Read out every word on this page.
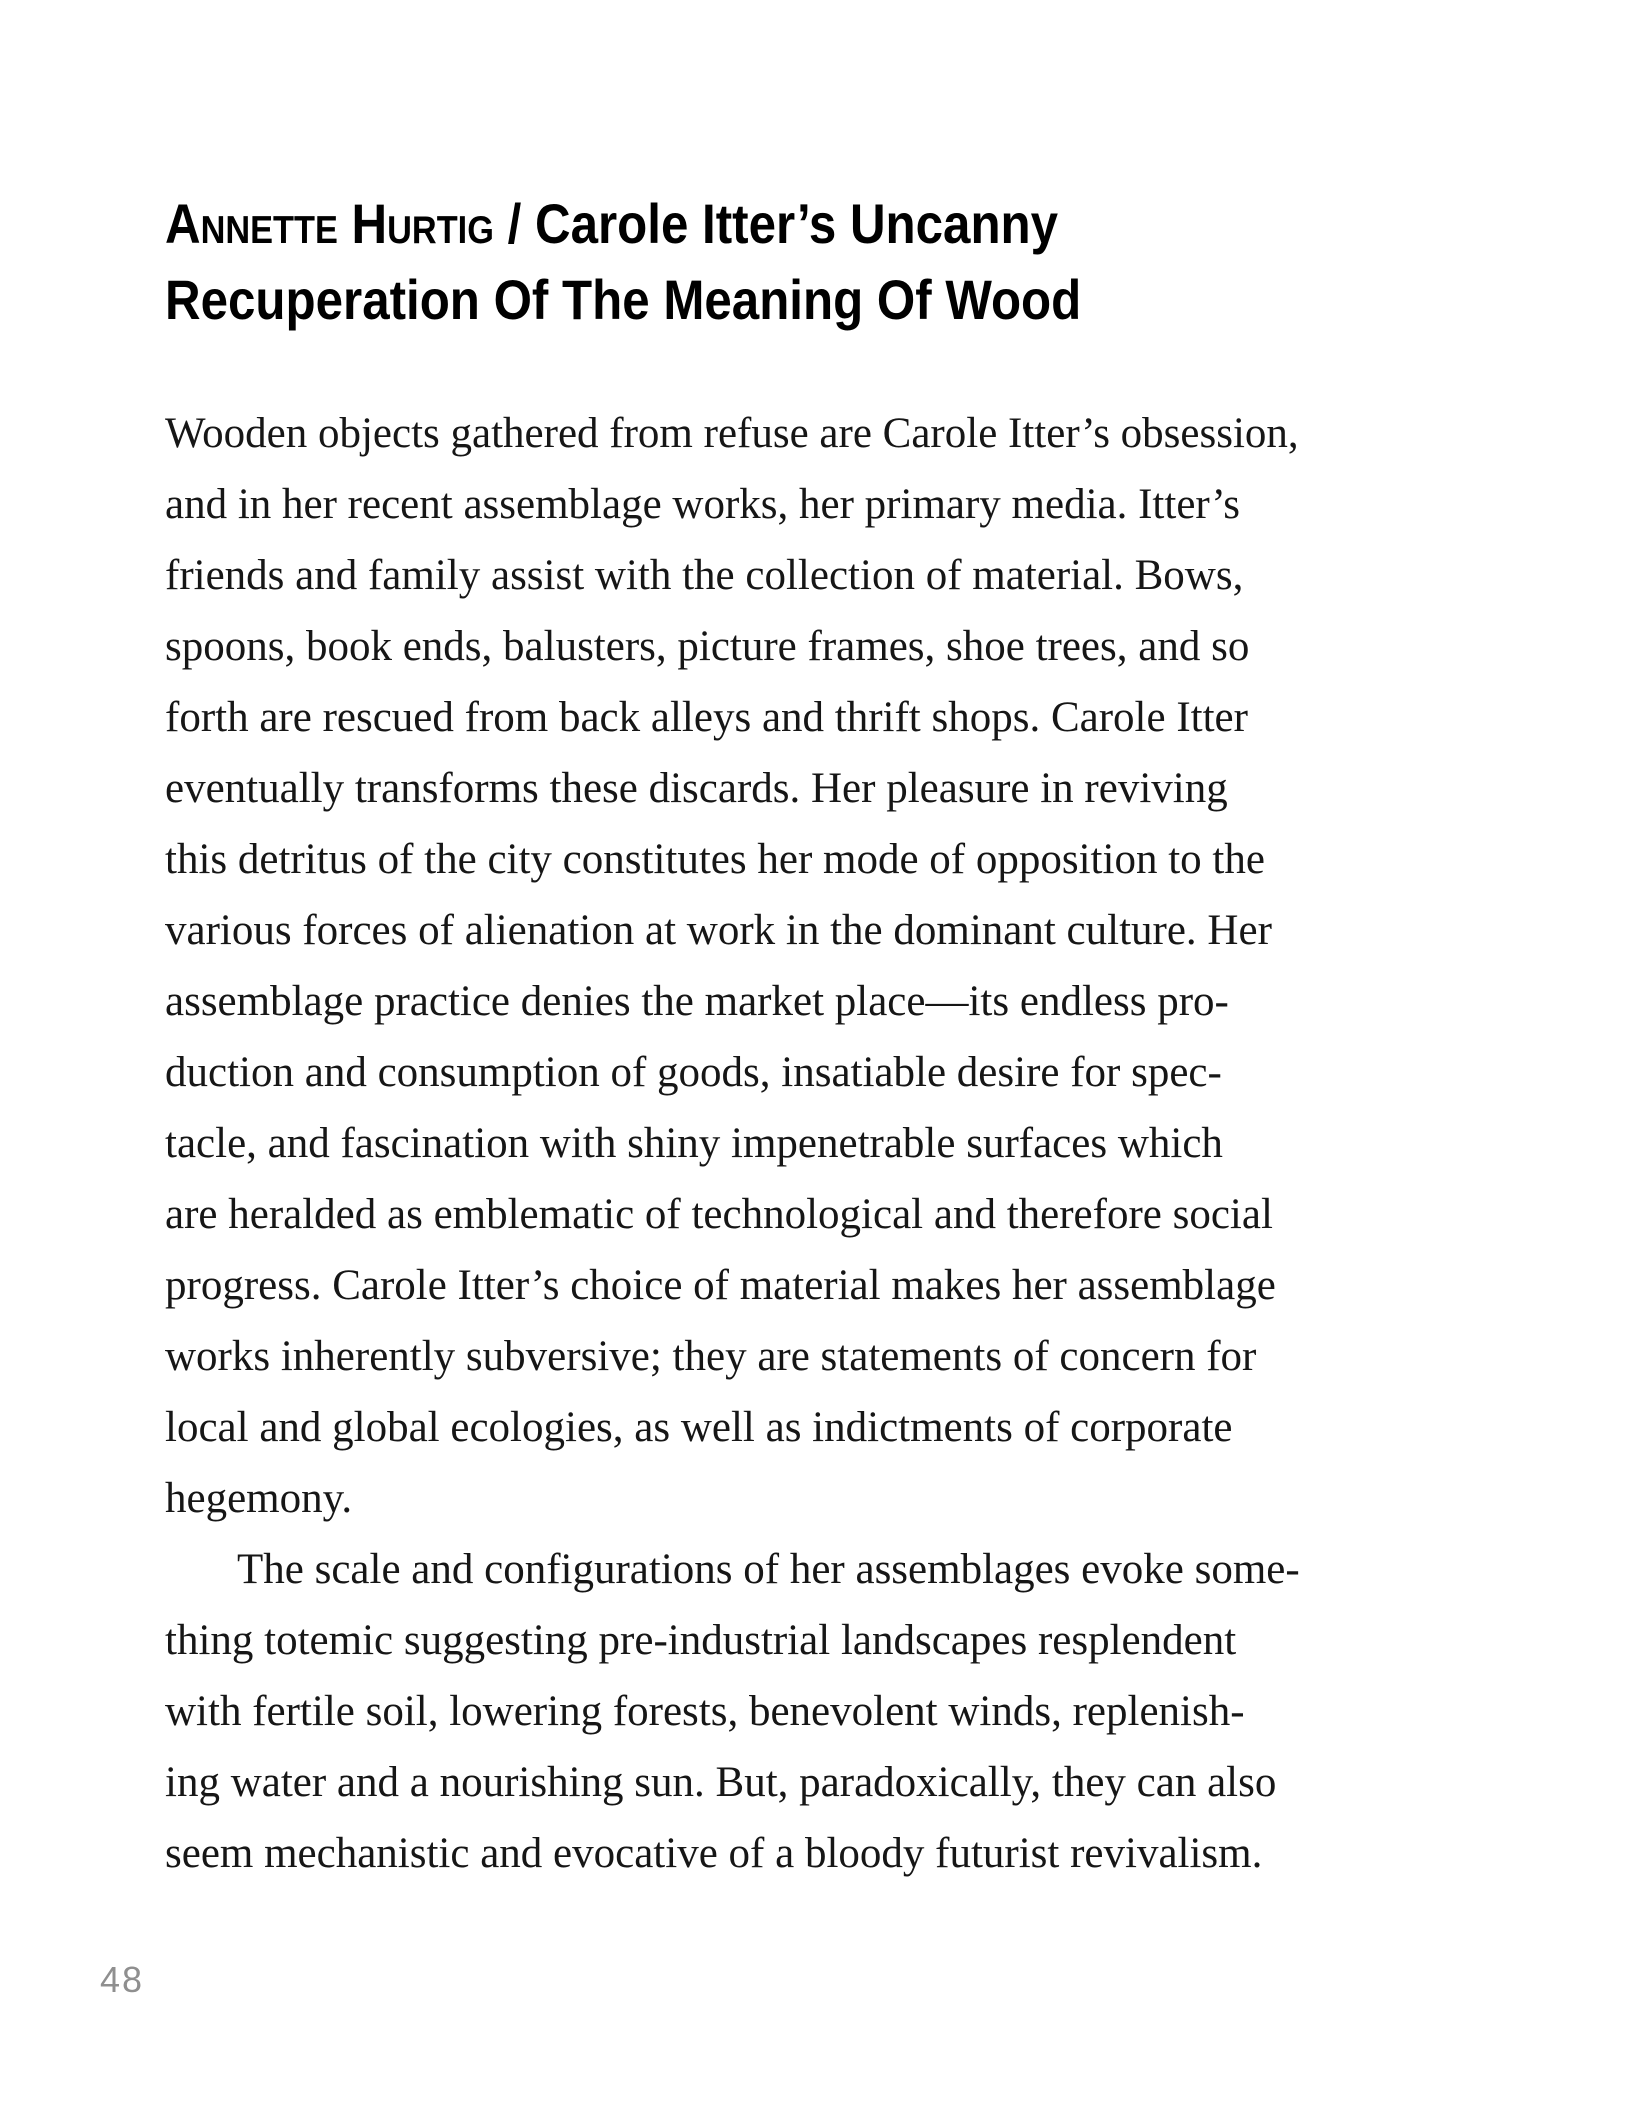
Annette Hurtig / Carole Itter’s Uncanny
Recuperation Of The Meaning Of Wood
Wooden objects gathered from refuse are Carole Itter’s obsession,
and in her recent assemblage works, her primary media. Itter’s
friends and family assist with the collection of material. Bows,
spoons, book ends, balusters, picture frames, shoe trees, and so
forth are rescued from back alleys and thrift shops. Carole Itter
eventually transforms these discards. Her pleasure in reviving
this detritus of the city constitutes her mode of opposition to the
various forces of alienation at work in the dominant culture. Her
assemblage practice denies the market place—its endless pro-
duction and consumption of goods, insatiable desire for spec-
tacle, and fascination with shiny impenetrable surfaces which
are heralded as emblematic of technological and therefore social
progress. Carole Itter’s choice of material makes her assemblage
works inherently subversive; they are statements of concern for
local and global ecologies, as well as indictments of corporate
hegemony.
The scale and configurations of her assemblages evoke some-
thing totemic suggesting pre-industrial landscapes resplendent
with fertile soil, lowering forests, benevolent winds, replenish-
ing water and a nourishing sun. But, paradoxically, they can also
seem mechanistic and evocative of a bloody futurist revivalism.
48
